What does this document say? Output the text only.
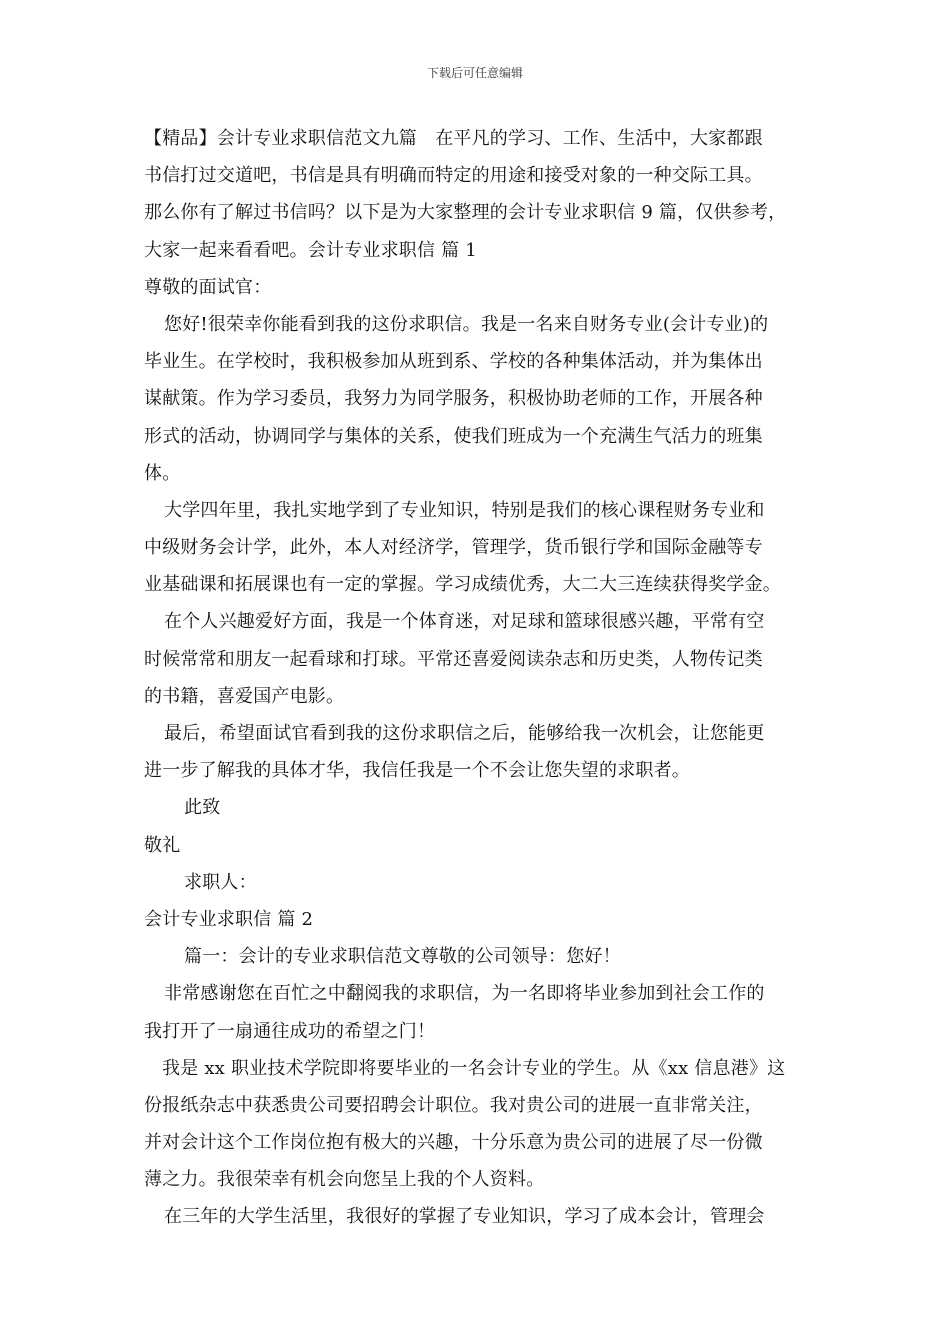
下载后可任意编辑
【精品】会计专业求职信范文九篇　在平凡的学习、工作、生活中，大家都跟
书信打过交道吧，书信是具有明确而特定的用途和接受对象的一种交际工具。
那么你有了解过书信吗？以下是为大家整理的会计专业求职信 9 篇，仅供参考，
大家一起来看看吧。会计专业求职信 篇 1
尊敬的面试官：
您好!很荣幸你能看到我的这份求职信。我是一名来自财务专业(会计专业)的
毕业生。在学校时，我积极参加从班到系、学校的各种集体活动，并为集体出
谋献策。作为学习委员，我努力为同学服务，积极协助老师的工作，开展各种
形式的活动，协调同学与集体的关系，使我们班成为一个充满生气活力的班集
体。
大学四年里，我扎实地学到了专业知识，特别是我们的核心课程财务专业和
中级财务会计学，此外，本人对经济学，管理学，货币银行学和国际金融等专
业基础课和拓展课也有一定的掌握。学习成绩优秀，大二大三连续获得奖学金。
在个人兴趣爱好方面，我是一个体育迷，对足球和篮球很感兴趣，平常有空
时候常常和朋友一起看球和打球。平常还喜爱阅读杂志和历史类，人物传记类
的书籍，喜爱国产电影。
最后，希望面试官看到我的这份求职信之后，能够给我一次机会，让您能更
进一步了解我的具体才华，我信任我是一个不会让您失望的求职者。
此致
敬礼
求职人：
会计专业求职信 篇 2
篇一：会计的专业求职信范文尊敬的公司领导：您好！
非常感谢您在百忙之中翻阅我的求职信，为一名即将毕业参加到社会工作的
我打开了一扇通往成功的希望之门！
我是 xx 职业技术学院即将要毕业的一名会计专业的学生。从《xx 信息港》这
份报纸杂志中获悉贵公司要招聘会计职位。我对贵公司的进展一直非常关注，
并对会计这个工作岗位抱有极大的兴趣，十分乐意为贵公司的进展了尽一份微
薄之力。我很荣幸有机会向您呈上我的个人资料。
在三年的大学生活里，我很好的掌握了专业知识，学习了成本会计，管理会
